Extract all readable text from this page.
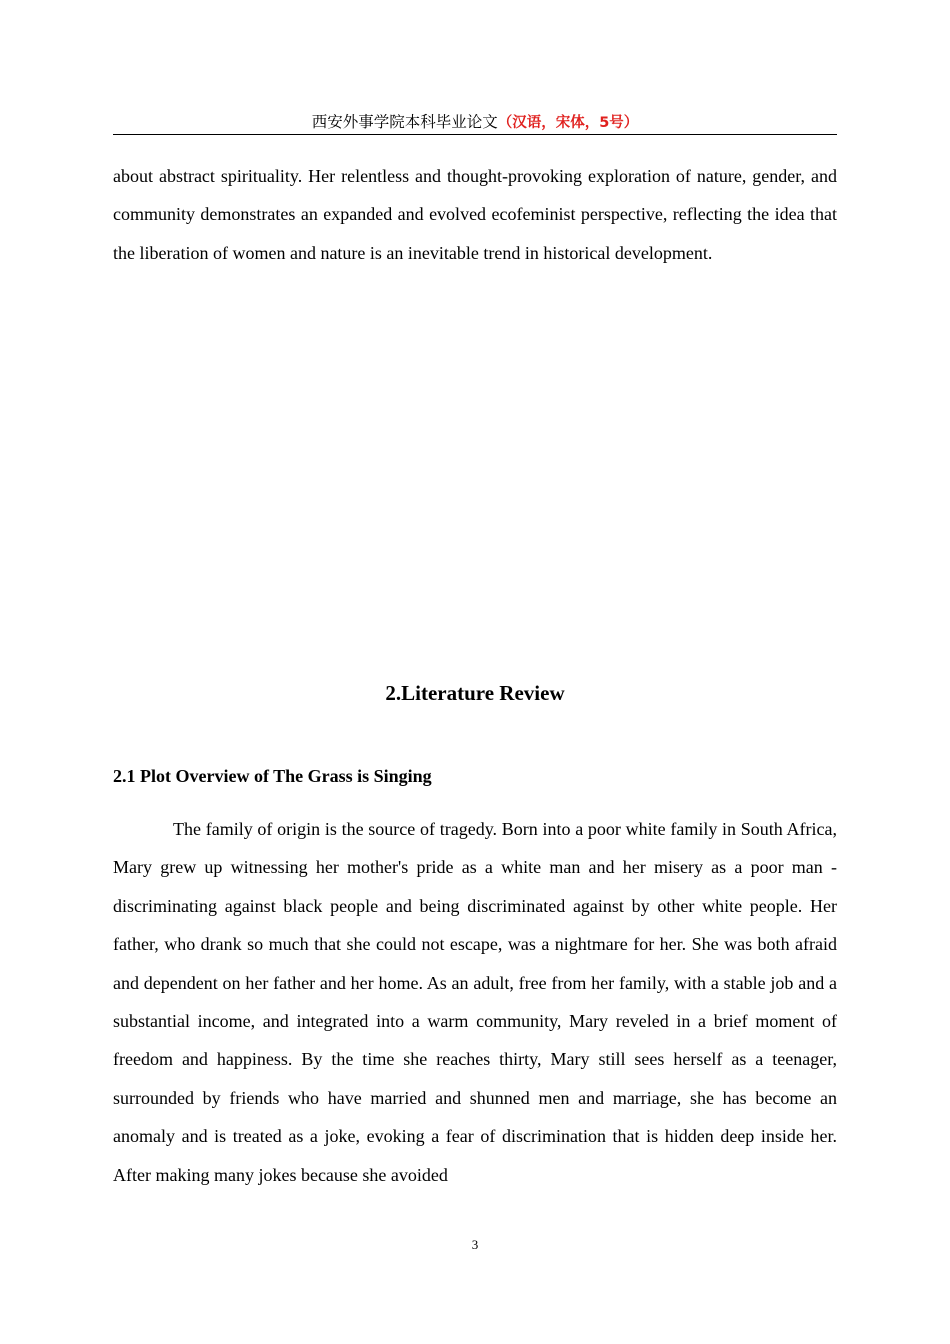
西安外事学院本科毕业论文（汉语，宋体，5号）

about abstract spirituality. Her relentless and thought-provoking exploration of nature, gender, and community demonstrates an expanded and evolved ecofeminist perspective, reflecting the idea that the liberation of women and nature is an inevitable trend in historical development.

2.Literature Review
2.1 Plot Overview of The Grass is Singing

The family of origin is the source of tragedy. Born into a poor white family in South Africa, Mary grew up witnessing her mother's pride as a white man and her misery as a poor man - discriminating against black people and being discriminated against by other white people. Her father, who drank so much that she could not escape, was a nightmare for her. She was both afraid and dependent on her father and her home. As an adult, free from her family, with a stable job and a substantial income, and integrated into a warm community, Mary reveled in a brief moment of freedom and happiness. By the time she reaches thirty, Mary still sees herself as a teenager, surrounded by friends who have married and shunned men and marriage, she has become an anomaly and is treated as a joke, evoking a fear of discrimination that is hidden deep inside her. After making many jokes because she avoided

3
